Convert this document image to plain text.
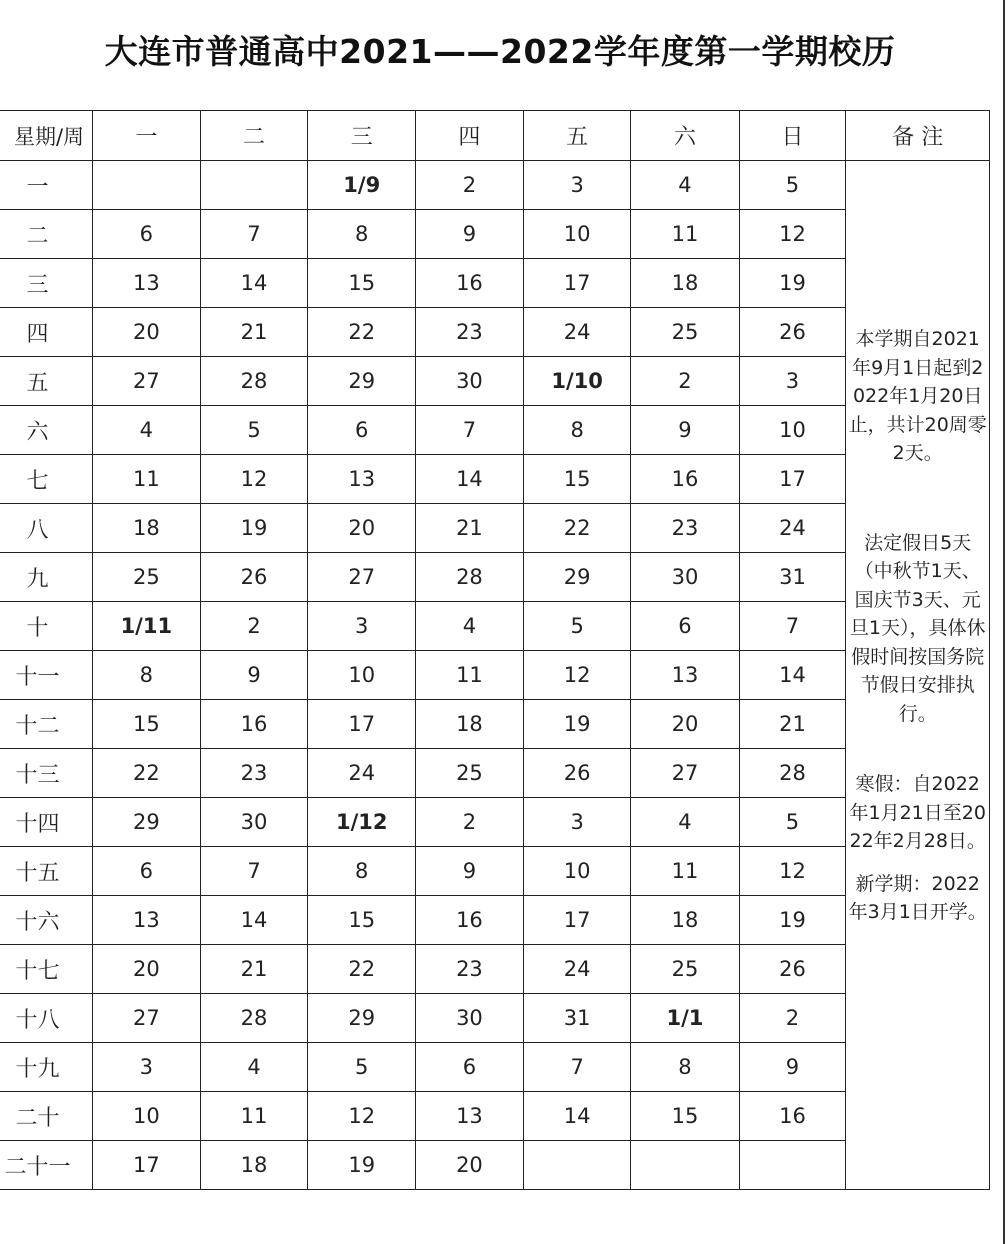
大连市普通高中2021——2022学年度第一学期校历
星期/周	一	二	三	四	五	六	日	备 注
一			1/9	2	3	4	5	本学期自2021年9月1日起到2022年1月20日止，共计20周零2天。
法定假日5天（中秋节1天、国庆节3天、元旦1天），具体休假时间按国务院节假日安排执行。
寒假：自2022年1月21日至2022年2月28日。
新学期：2022年3月1日开学。
二	6	7	8	9	10	11	12	
三	13	14	15	16	17	18	19	
四	20	21	22	23	24	25	26	
五	27	28	29	30	1/10	2	3	
六	4	5	6	7	8	9	10	
七	11	12	13	14	15	16	17	
八	18	19	20	21	22	23	24	
九	25	26	27	28	29	30	31	
十	1/11	2	3	4	5	6	7	
十一	8	9	10	11	12	13	14	
十二	15	16	17	18	19	20	21	
十三	22	23	24	25	26	27	28	
十四	29	30	1/12	2	3	4	5	
十五	6	7	8	9	10	11	12	
十六	13	14	15	16	17	18	19	
十七	20	21	22	23	24	25	26	
十八	27	28	29	30	31	1/1	2	
十九	3	4	5	6	7	8	9	
二十	10	11	12	13	14	15	16	
二十一	17	18	19	20				
